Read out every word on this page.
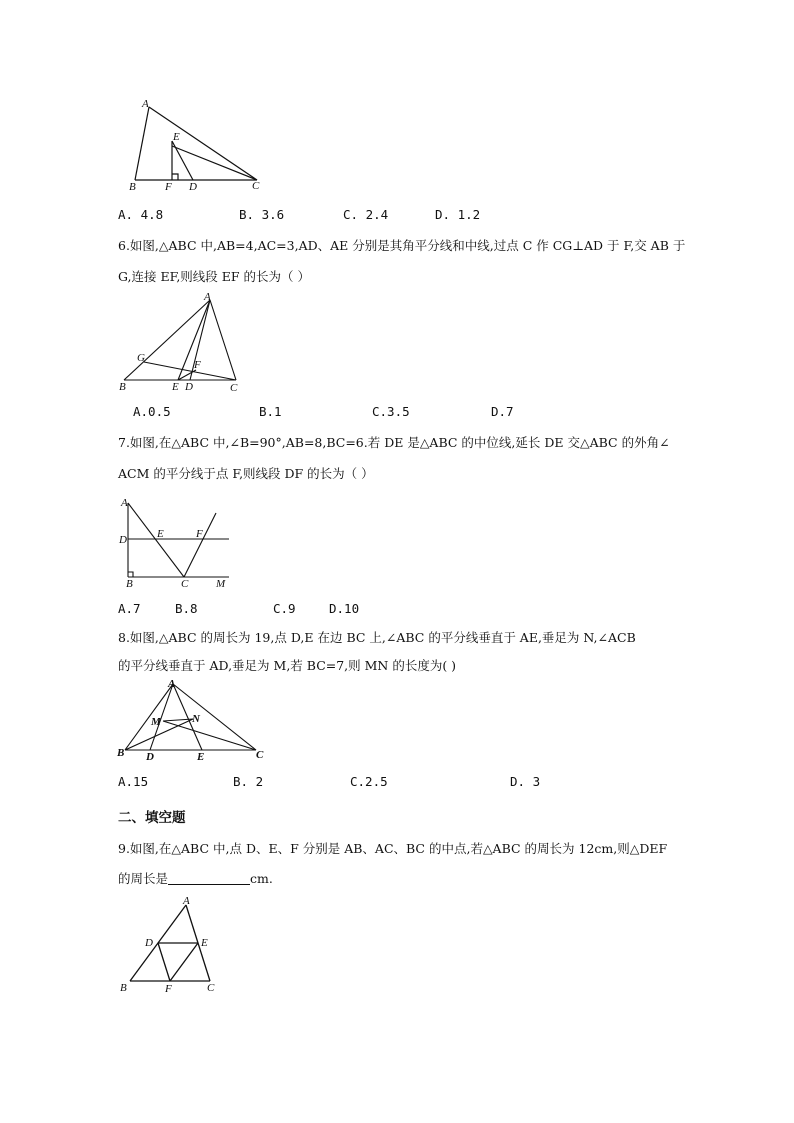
A
E
B	F D	C
A. 4.8	B. 3.6	C. 2.4	D. 1.2
6.如图,△ABC 中,AB=4,AC=3,AD、AE 分别是其角平分线和中线,过点 C 作 CG⊥AD 于 F,交 AB 于
G,连接 EF,则线段 EF 的长为（ ）
A
G
F
B	E D	C
A.0.5	B.1	C.3.5	D.7
7.如图,在△ABC 中,∠B=90°,AB=8,BC=6.若 DE 是△ABC 的中位线,延长 DE 交△ABC 的外角∠
ACM 的平分线于点 F,则线段 DF 的长为（ ）
A
D	E	F
B	C	M
A.7	B.8	C.9	D.10
8.如图,△ABC 的周长为 19,点 D,E 在边 BC 上,∠ABC 的平分线垂直于 AE,垂足为 N,∠ACB
的平分线垂直于 AD,垂足为 M,若 BC=7,则 MN 的长度为( )
A
M	N
B D	E	C
A.15	B. 2	C.2.5	D. 3
二、填空题
9.如图,在△ABC 中,点 D、E、F 分别是 AB、AC、BC 的中点,若△ABC 的周长为 12cm,则△DEF
的周长是	cm.
A
D	E
B	F	C
